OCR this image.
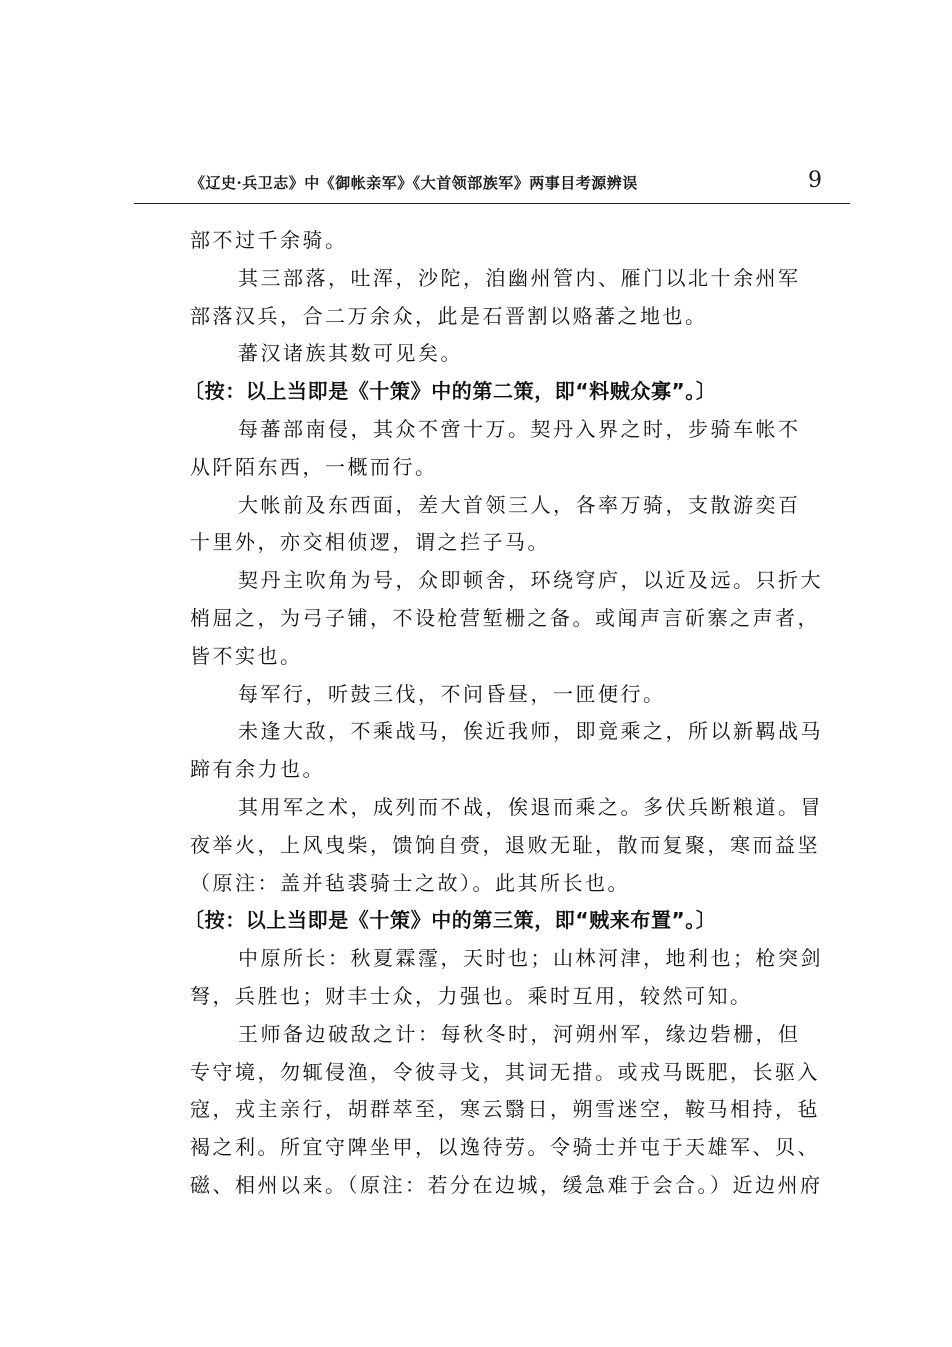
《辽史·兵卫志》中《御帐亲军》《大首领部族军》两事目考源辨误	9
部不过千余骑。
其三部落，吐浑，沙陀，洎幽州管内、雁门以北十余州军
部落汉兵，合二万余众，此是石晋割以赂蕃之地也。
蕃汉诸族其数可见矣。
〔按：以上当即是《十策》中的第二策，即“料贼众寡”。〕
每蕃部南侵，其众不啻十万。契丹入界之时，步骑车帐不
从阡陌东西，一概而行。
大帐前及东西面，差大首领三人，各率万骑，支散游奕百
十里外，亦交相侦逻，谓之拦子马。
契丹主吹角为号，众即顿舍，环绕穹庐，以近及远。只折大
梢屈之，为弓子铺，不设枪营堑栅之备。或闻声言斫寨之声者，
皆不实也。
每军行，听鼓三伐，不问昏昼，一匝便行。
未逢大敌，不乘战马，俟近我师，即竟乘之，所以新羁战马
蹄有余力也。
其用军之术，成列而不战，俟退而乘之。多伏兵断粮道。冒
夜举火，上风曳柴，馈饷自赍，退败无耻，散而复聚，寒而益坚
（原注：盖并毡裘骑士之故）。此其所长也。
〔按：以上当即是《十策》中的第三策，即“贼来布置”。〕
中原所长：秋夏霖霪，天时也；山林河津，地利也；枪突剑
弩，兵胜也；财丰士众，力强也。乘时互用，较然可知。
王师备边破敌之计：每秋冬时，河朔州军，缘边砦栅，但
专守境，勿辄侵渔，令彼寻戈，其词无措。或戎马既肥，长驱入
寇，戎主亲行，胡群萃至，寒云翳日，朔雪迷空，鞍马相持，毡
褐之利。所宜守陴坐甲，以逸待劳。令骑士并屯于天雄军、贝、
磁、相州以来。（原注：若分在边城，缓急难于会合。）近边州府
